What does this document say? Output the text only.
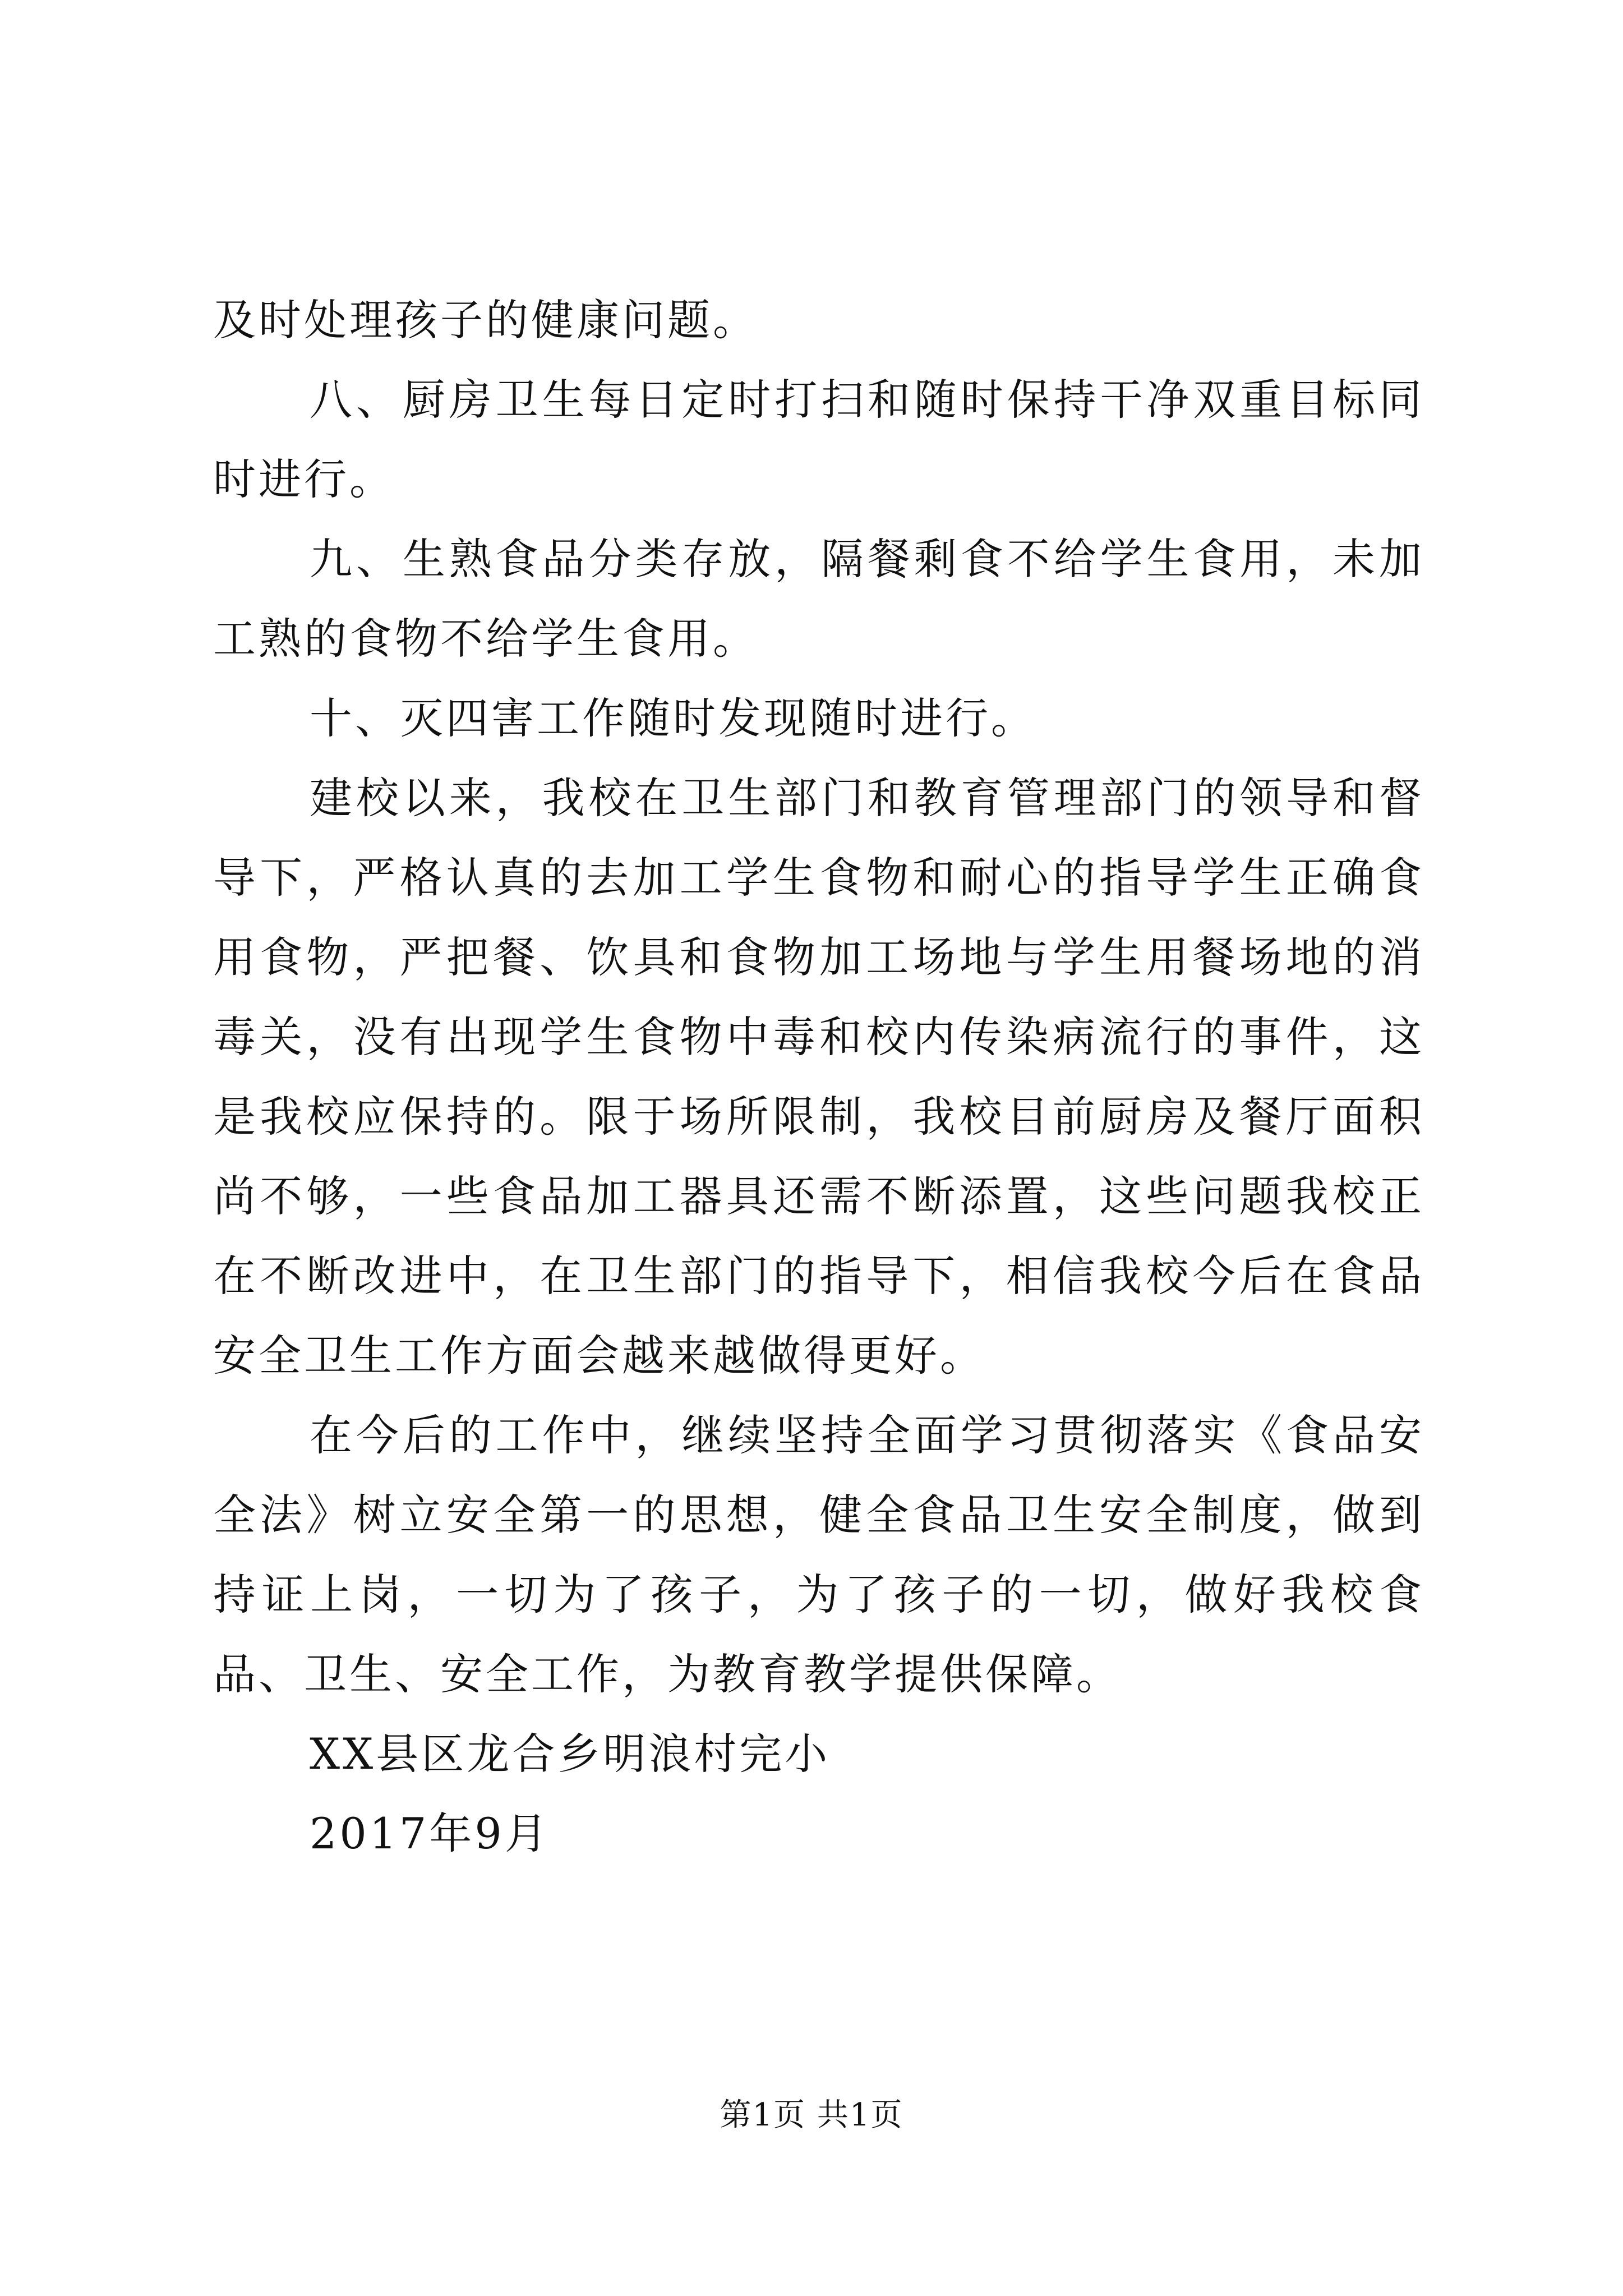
及时处理孩子的健康问题。

八、厨房卫生每日定时打扫和随时保持干净双重目标同时进行。

九、生熟食品分类存放，隔餐剩食不给学生食用，未加工熟的食物不给学生食用。

十、灭四害工作随时发现随时进行。

建校以来，我校在卫生部门和教育管理部门的领导和督导下，严格认真的去加工学生食物和耐心的指导学生正确食用食物，严把餐、饮具和食物加工场地与学生用餐场地的消毒关，没有出现学生食物中毒和校内传染病流行的事件，这是我校应保持的。限于场所限制，我校目前厨房及餐厅面积尚不够，一些食品加工器具还需不断添置，这些问题我校正在不断改进中，在卫生部门的指导下，相信我校今后在食品安全卫生工作方面会越来越做得更好。

在今后的工作中，继续坚持全面学习贯彻落实《食品安全法》树立安全第一的思想，健全食品卫生安全制度，做到持证上岗，一切为了孩子，为了孩子的一切，做好我校食品、卫生、安全工作，为教育教学提供保障。

XX县区龙合乡明浪村完小

2017年9月

第1页 共1页
